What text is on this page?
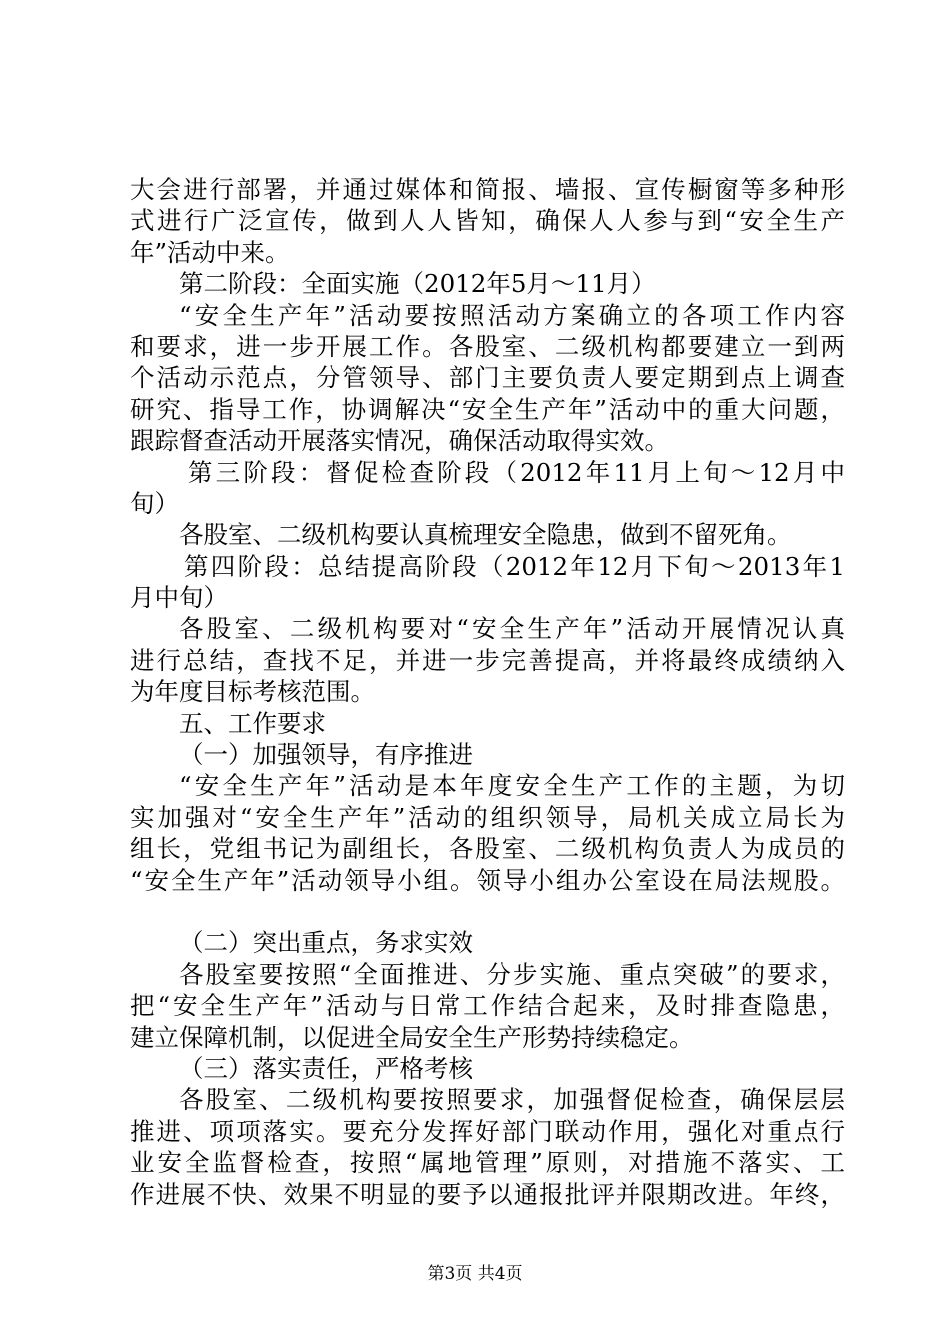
大会进行部署，并通过媒体和简报、墙报、宣传橱窗等多种形
式进行广泛宣传，做到人人皆知，确保人人参与到“安全生产
年”活动中来。
第二阶段：全面实施（2012年5月～11月）
“安全生产年”活动要按照活动方案确立的各项工作内容
和要求，进一步开展工作。各股室、二级机构都要建立一到两
个活动示范点，分管领导、部门主要负责人要定期到点上调查
研究、指导工作，协调解决“安全生产年”活动中的重大问题，
跟踪督查活动开展落实情况，确保活动取得实效。
第三阶段：督促检查阶段（2012年11月上旬～12月中
旬）
各股室、二级机构要认真梳理安全隐患，做到不留死角。
第四阶段：总结提高阶段（2012年12月下旬～2013年1
月中旬）
各股室、二级机构要对“安全生产年”活动开展情况认真
进行总结，查找不足，并进一步完善提高，并将最终成绩纳入
为年度目标考核范围。
五、工作要求
（一）加强领导，有序推进
“安全生产年”活动是本年度安全生产工作的主题，为切
实加强对“安全生产年”活动的组织领导，局机关成立局长为
组长，党组书记为副组长，各股室、二级机构负责人为成员的
“安全生产年”活动领导小组。领导小组办公室设在局法规股。
（二）突出重点，务求实效
各股室要按照“全面推进、分步实施、重点突破”的要求，
把“安全生产年”活动与日常工作结合起来，及时排查隐患，
建立保障机制，以促进全局安全生产形势持续稳定。
（三）落实责任，严格考核
各股室、二级机构要按照要求，加强督促检查，确保层层
推进、项项落实。要充分发挥好部门联动作用，强化对重点行
业安全监督检查，按照“属地管理”原则，对措施不落实、工
作进展不快、效果不明显的要予以通报批评并限期改进。年终，
第3页 共4页
